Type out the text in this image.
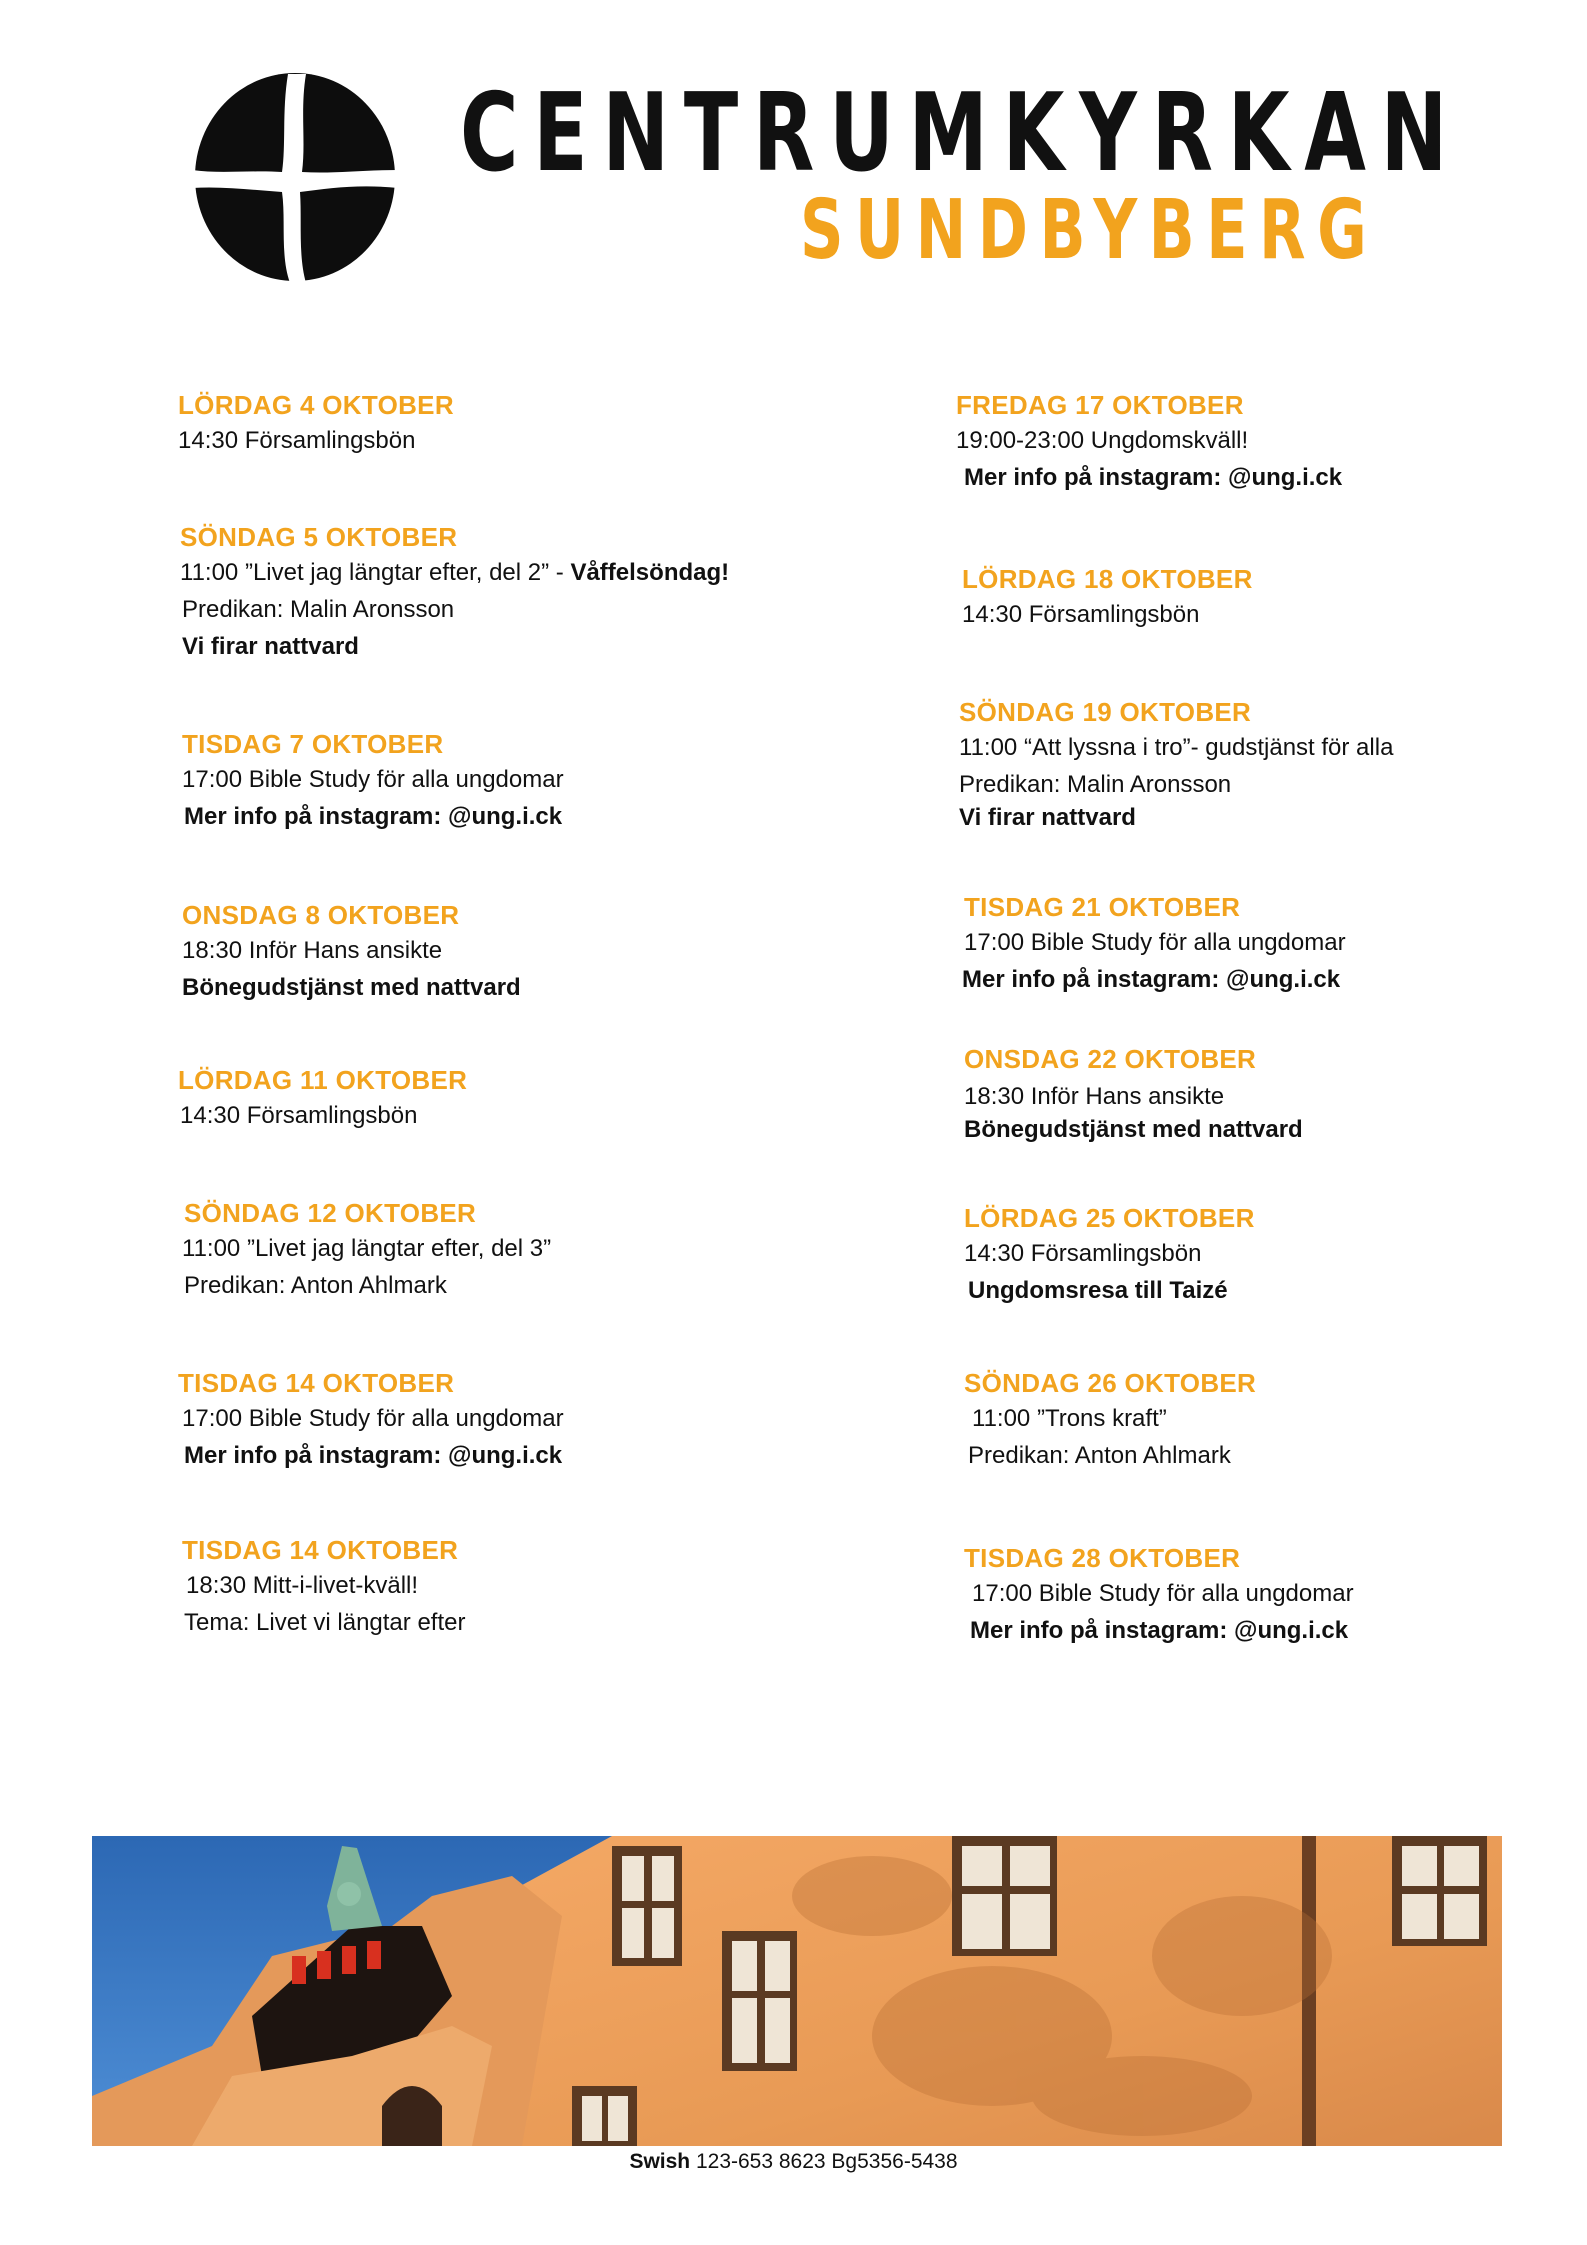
CENTRUMKYRKAN
SUNDBYBERG
LÖRDAG 4 OKTOBER
14:30 Församlingsbön
SÖNDAG 5 OKTOBER
11:00 ”Livet jag längtar efter, del 2” - Våffelsöndag!
Predikan: Malin Aronsson
Vi firar nattvard
TISDAG 7 OKTOBER
17:00 Bible Study för alla ungdomar
Mer info på instagram: @ung.i.ck
ONSDAG 8 OKTOBER
18:30 Inför Hans ansikte
Bönegudstjänst med nattvard
LÖRDAG 11 OKTOBER
14:30 Församlingsbön
SÖNDAG 12 OKTOBER
11:00 ”Livet jag längtar efter, del 3”
Predikan: Anton Ahlmark
TISDAG 14 OKTOBER
17:00 Bible Study för alla ungdomar
Mer info på instagram: @ung.i.ck
TISDAG 14 OKTOBER
18:30 Mitt-i-livet-kväll!
Tema: Livet vi längtar efter
FREDAG 17 OKTOBER
19:00-23:00 Ungdomskväll!
Mer info på instagram: @ung.i.ck
LÖRDAG 18 OKTOBER
14:30 Församlingsbön
SÖNDAG 19 OKTOBER
11:00 “Att lyssna i tro”- gudstjänst för alla
Predikan: Malin Aronsson
Vi firar nattvard
TISDAG 21 OKTOBER
17:00 Bible Study för alla ungdomar
Mer info på instagram: @ung.i.ck
ONSDAG 22 OKTOBER
18:30 Inför Hans ansikte
Bönegudstjänst med nattvard
LÖRDAG 25 OKTOBER
14:30 Församlingsbön
Ungdomsresa till Taizé
SÖNDAG 26 OKTOBER
11:00 ”Trons kraft”
Predikan: Anton Ahlmark
TISDAG 28 OKTOBER
17:00 Bible Study för alla ungdomar
Mer info på instagram: @ung.i.ck
Swish 123-653 8623 Bg5356-5438
